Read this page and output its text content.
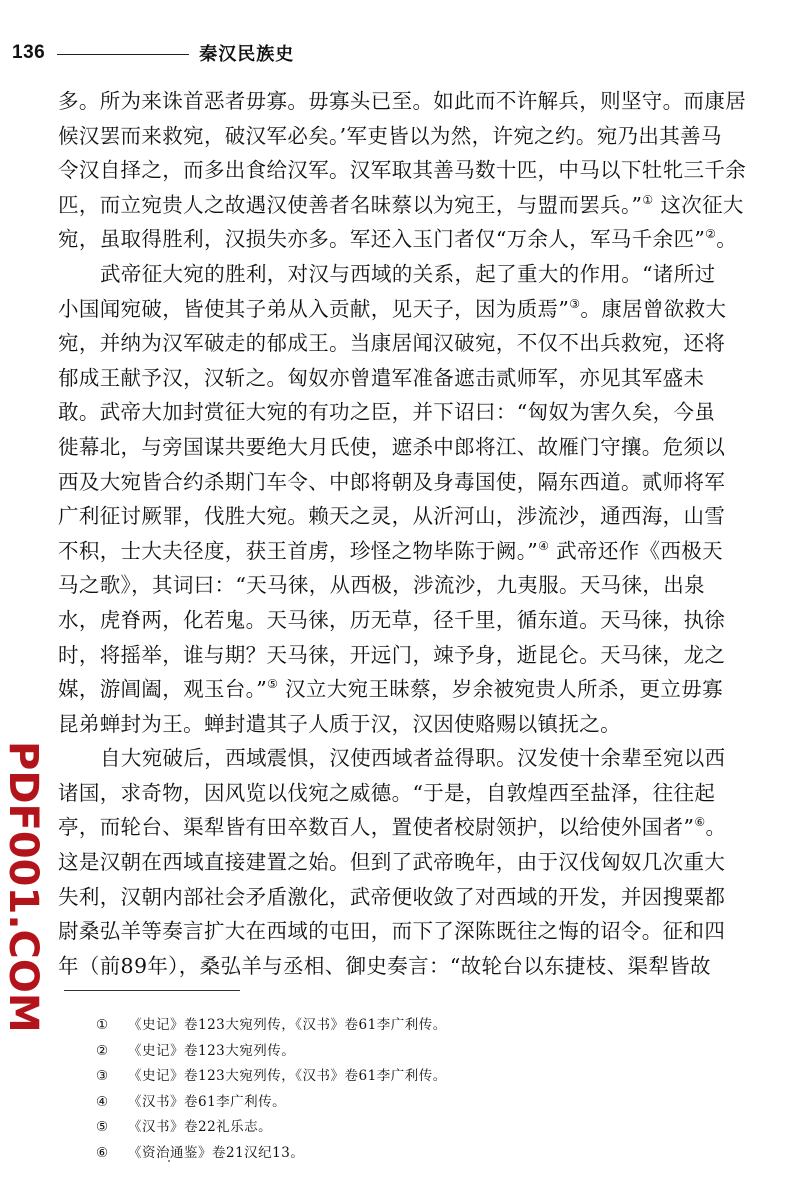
136	秦汉民族史
多。所为来诛首恶者毋寡。毋寡头已至。如此而不许解兵，则坚守。而康居
候汉罢而来救宛，破汉军必矣。’军吏皆以为然，许宛之约。宛乃出其善马
令汉自择之，而多出食给汉军。汉军取其善马数十匹，中马以下牡牝三千余
匹，而立宛贵人之故遇汉使善者名昧蔡以为宛王，与盟而罢兵。”① 这次征大
宛，虽取得胜利，汉损失亦多。军还入玉门者仅“万余人，军马千余匹”②。
武帝征大宛的胜利，对汉与西域的关系，起了重大的作用。“诸所过
小国闻宛破，皆使其子弟从入贡献，见天子，因为质焉”③。康居曾欲救大
宛，并纳为汉军破走的郁成王。当康居闻汉破宛，不仅不出兵救宛，还将
郁成王献予汉，汉斩之。匈奴亦曾遣军准备遮击贰师军，亦见其军盛未
敢。武帝大加封赏征大宛的有功之臣，并下诏曰：“匈奴为害久矣，今虽
徙幕北，与旁国谋共要绝大月氏使，遮杀中郎将江、故雁门守攘。危须以
西及大宛皆合约杀期门车令、中郎将朝及身毒国使，隔东西道。贰师将军
广利征讨厥罪，伐胜大宛。赖天之灵，从沂河山，涉流沙，通西海，山雪
不积，士大夫径度，获王首虏，珍怪之物毕陈于阙。”④ 武帝还作《西极天
马之歌》，其词曰：“天马徕，从西极，涉流沙，九夷服。天马徕，出泉
水，虎脊两，化若鬼。天马徕，历无草，径千里，循东道。天马徕，执徐
时，将摇举，谁与期？天马徕，开远门，竦予身，逝昆仑。天马徕，龙之
媒，游阊阖，观玉台。”⑤ 汉立大宛王昧蔡，岁余被宛贵人所杀，更立毋寡
昆弟蝉封为王。蝉封遣其子人质于汉，汉因使赂赐以镇抚之。
自大宛破后，西域震惧，汉使西域者益得职。汉发使十余辈至宛以西
诸国，求奇物，因风览以伐宛之威德。“于是，自敦煌西至盐泽，往往起
亭，而轮台、渠犁皆有田卒数百人，置使者校尉领护，以给使外国者”⑥。
这是汉朝在西域直接建置之始。但到了武帝晚年，由于汉伐匈奴几次重大
失利，汉朝内部社会矛盾激化，武帝便收敛了对西域的开发，并因搜粟都
尉桑弘羊等奏言扩大在西域的屯田，而下了深陈既往之悔的诏令。征和四
年（前89年），桑弘羊与丞相、御史奏言：“故轮台以东捷枝、渠犁皆故
PDF001.COM	①	《史记》卷123大宛列传，《汉书》卷61李广利传。
②	《史记》卷123大宛列传。
③	《史记》卷123大宛列传，《汉书》卷61李广利传。
④	《汉书》卷61李广利传。
⑤	《汉书》卷22礼乐志。
⑥	《资治通鉴》卷21汉纪13。
